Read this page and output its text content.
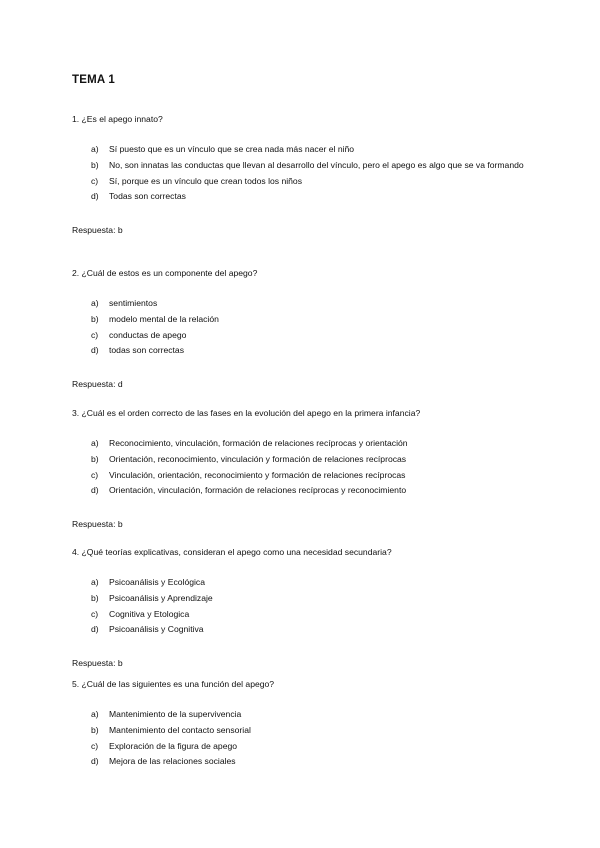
TEMA 1

1. ¿Es el apego innato?

a) Sí puesto que es un vínculo que se crea nada más nacer el niño
b) No, son innatas las conductas que llevan al desarrollo del vínculo, pero el apego es algo que se va formando
c) Sí, porque es un vínculo que crean todos los niños
d) Todas son correctas

Respuesta: b

2. ¿Cuál de estos es un componente del apego?

a) sentimientos
b) modelo mental de la relación
c) conductas de apego
d) todas son correctas

Respuesta: d

3. ¿Cuál es el orden correcto de las fases en la evolución del apego en la primera infancia?

a) Reconocimiento, vinculación, formación de relaciones recíprocas y orientación
b) Orientación, reconocimiento, vinculación y formación de relaciones recíprocas
c) Vinculación, orientación, reconocimiento y formación de relaciones recíprocas
d) Orientación, vinculación, formación de relaciones recíprocas y reconocimiento

Respuesta: b

4. ¿Qué teorías explicativas, consideran el apego como una necesidad secundaria?

a) Psicoanálisis y Ecológica
b) Psicoanálisis y Aprendizaje
c) Cognitiva y Etologica
d) Psicoanálisis y Cognitiva

Respuesta: b

5. ¿Cuál de las siguientes es una función del apego?

a) Mantenimiento de la supervivencia
b) Mantenimiento del contacto sensorial
c) Exploración de la figura de apego
d) Mejora de las relaciones sociales
